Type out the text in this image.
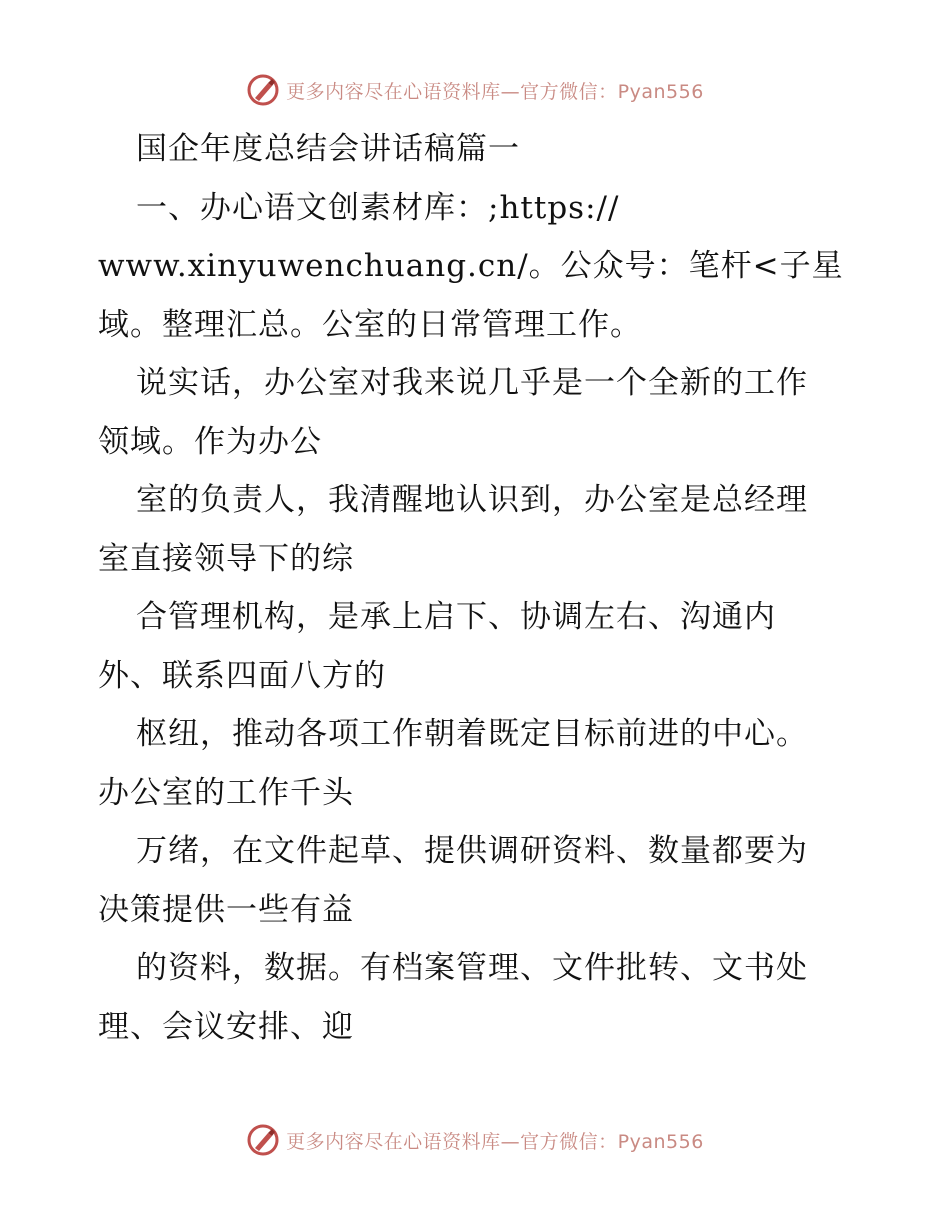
更多内容尽在心语资料库—官方微信：Pyan556
国企年度总结会讲话稿篇一
一、办心语文创素材库：;https://
www.xinyuwenchuang.cn/。公众号：笔杆<子星
域。整理汇总。公室的日常管理工作。
说实话，办公室对我来说几乎是一个全新的工作
领域。作为办公
室的负责人，我清醒地认识到，办公室是总经理
室直接领导下的综
合管理机构，是承上启下、协调左右、沟通内
外、联系四面八方的
枢纽，推动各项工作朝着既定目标前进的中心。
办公室的工作千头
万绪，在文件起草、提供调研资料、数量都要为
决策提供一些有益
的资料，数据。有档案管理、文件批转、文书处
理、会议安排、迎
更多内容尽在心语资料库—官方微信：Pyan556
